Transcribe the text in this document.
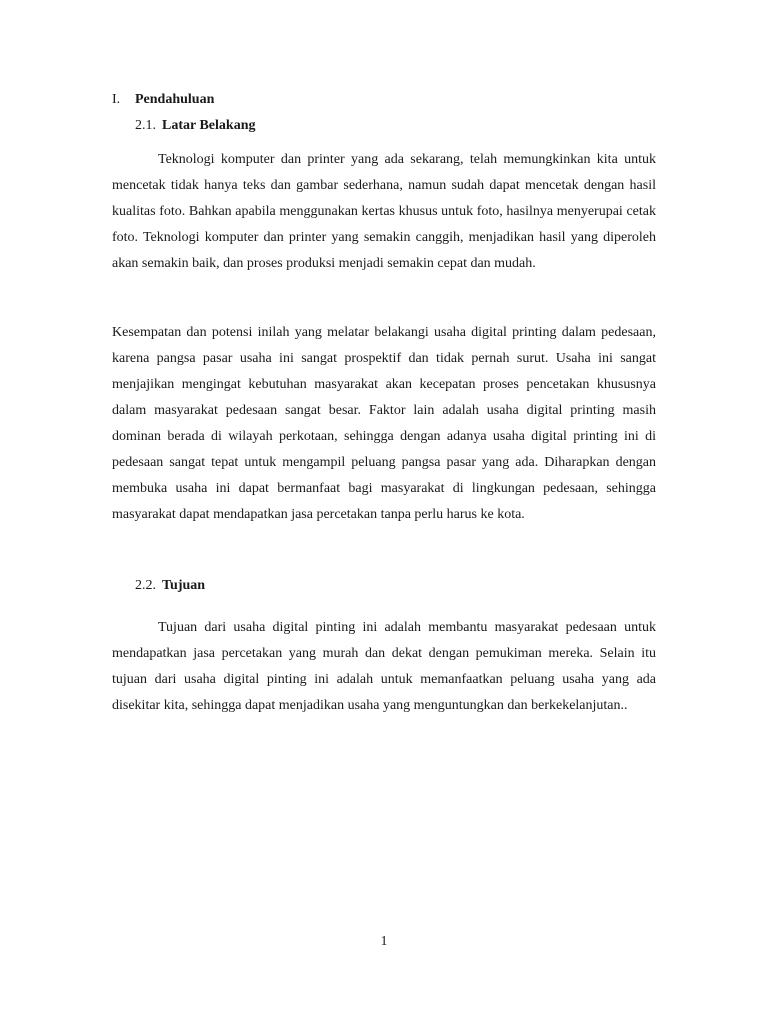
I. Pendahuluan
2.1. Latar Belakang

Teknologi komputer dan printer yang ada sekarang, telah memungkinkan kita untuk mencetak tidak hanya teks dan gambar sederhana, namun sudah dapat mencetak dengan hasil kualitas foto. Bahkan apabila menggunakan kertas khusus untuk foto, hasilnya menyerupai cetak foto. Teknologi komputer dan printer yang semakin canggih, menjadikan hasil yang diperoleh akan semakin baik, dan proses produksi menjadi semakin cepat dan mudah.

Kesempatan dan potensi inilah yang melatar belakangi usaha digital printing dalam pedesaan, karena pangsa pasar usaha ini sangat prospektif dan tidak pernah surut. Usaha ini sangat menjajikan mengingat kebutuhan masyarakat akan kecepatan proses pencetakan khususnya dalam masyarakat pedesaan sangat besar. Faktor lain adalah usaha digital printing masih dominan berada di wilayah perkotaan, sehingga dengan adanya usaha digital printing ini di pedesaan sangat tepat untuk mengampil peluang pangsa pasar yang ada. Diharapkan dengan membuka usaha ini dapat bermanfaat bagi masyarakat di lingkungan pedesaan, sehingga masyarakat dapat mendapatkan jasa percetakan tanpa perlu harus ke kota.

2.2. Tujuan

Tujuan dari usaha digital pinting ini adalah membantu masyarakat pedesaan untuk mendapatkan jasa percetakan yang murah dan dekat dengan pemukiman mereka. Selain itu tujuan dari usaha digital pinting ini adalah untuk memanfaatkan peluang usaha yang ada disekitar kita, sehingga dapat menjadikan usaha yang menguntungkan dan berkekelanjutan..

1
